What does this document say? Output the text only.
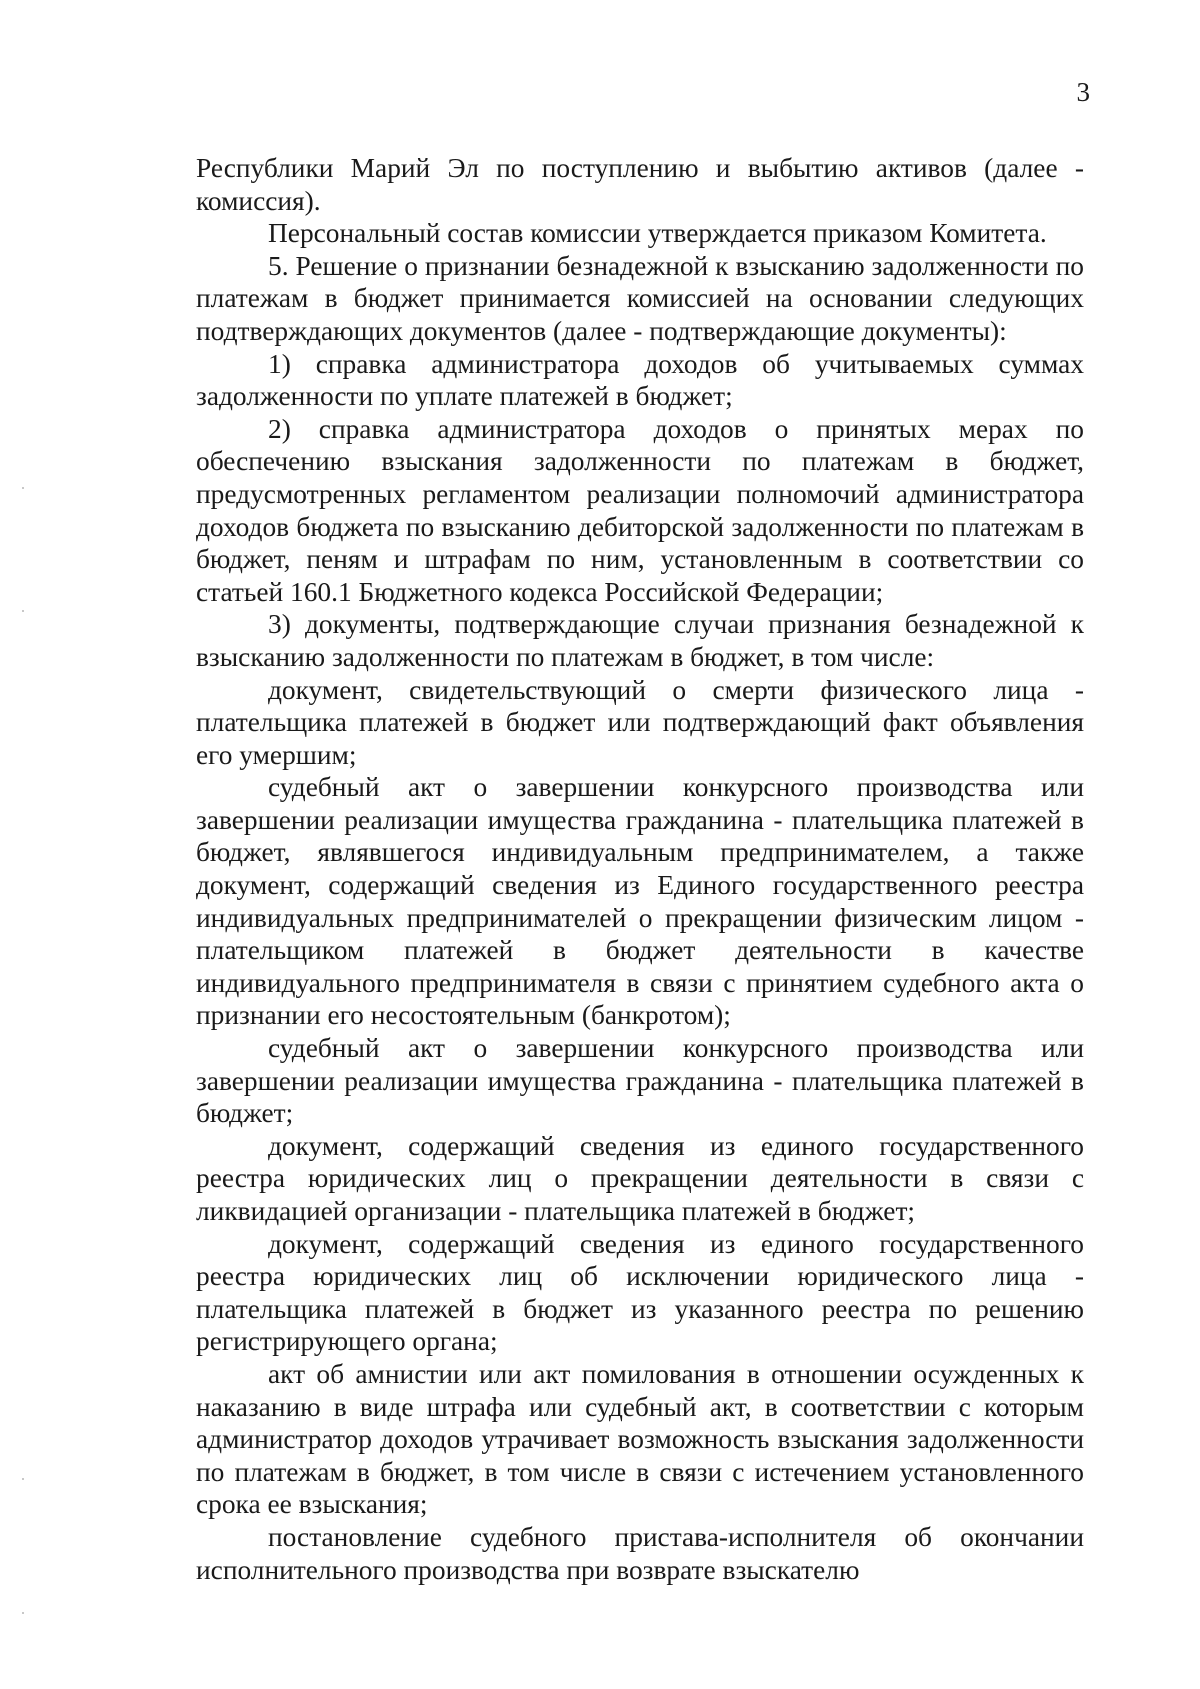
3

Республики Марий Эл по поступлению и выбытию активов (далее - комиссия).

Персональный состав комиссии утверждается приказом Комитета.

5. Решение о признании безнадежной к взысканию задолженности по платежам в бюджет принимается комиссией на основании следующих подтверждающих документов (далее - подтверждающие документы):

1) справка администратора доходов об учитываемых суммах задолженности по уплате платежей в бюджет;

2) справка администратора доходов о принятых мерах по обеспечению взыскания задолженности по платежам в бюджет, предусмотренных регламентом реализации полномочий администратора доходов бюджета по взысканию дебиторской задолженности по платежам в бюджет, пеням и штрафам по ним, установленным в соответствии со статьей 160.1 Бюджетного кодекса Российской Федерации;

3) документы, подтверждающие случаи признания безнадежной к взысканию задолженности по платежам в бюджет, в том числе:

документ, свидетельствующий о смерти физического лица - плательщика платежей в бюджет или подтверждающий факт объявления его умершим;

судебный акт о завершении конкурсного производства или завершении реализации имущества гражданина - плательщика платежей в бюджет, являвшегося индивидуальным предпринимателем, а также документ, содержащий сведения из Единого государственного реестра индивидуальных предпринимателей о прекращении физическим лицом - плательщиком платежей в бюджет деятельности в качестве индивидуального предпринимателя в связи с принятием судебного акта о признании его несостоятельным (банкротом);

судебный акт о завершении конкурсного производства или завершении реализации имущества гражданина - плательщика платежей в бюджет;

документ, содержащий сведения из единого государственного реестра юридических лиц о прекращении деятельности в связи с ликвидацией организации - плательщика платежей в бюджет;

документ, содержащий сведения из единого государственного реестра юридических лиц об исключении юридического лица - плательщика платежей в бюджет из указанного реестра по решению регистрирующего органа;

акт об амнистии или акт помилования в отношении осужденных к наказанию в виде штрафа или судебный акт, в соответствии с которым администратор доходов утрачивает возможность взыскания задолженности по платежам в бюджет, в том числе в связи с истечением установленного срока ее взыскания;

постановление судебного пристава-исполнителя об окончании исполнительного производства при возврате взыскателю
